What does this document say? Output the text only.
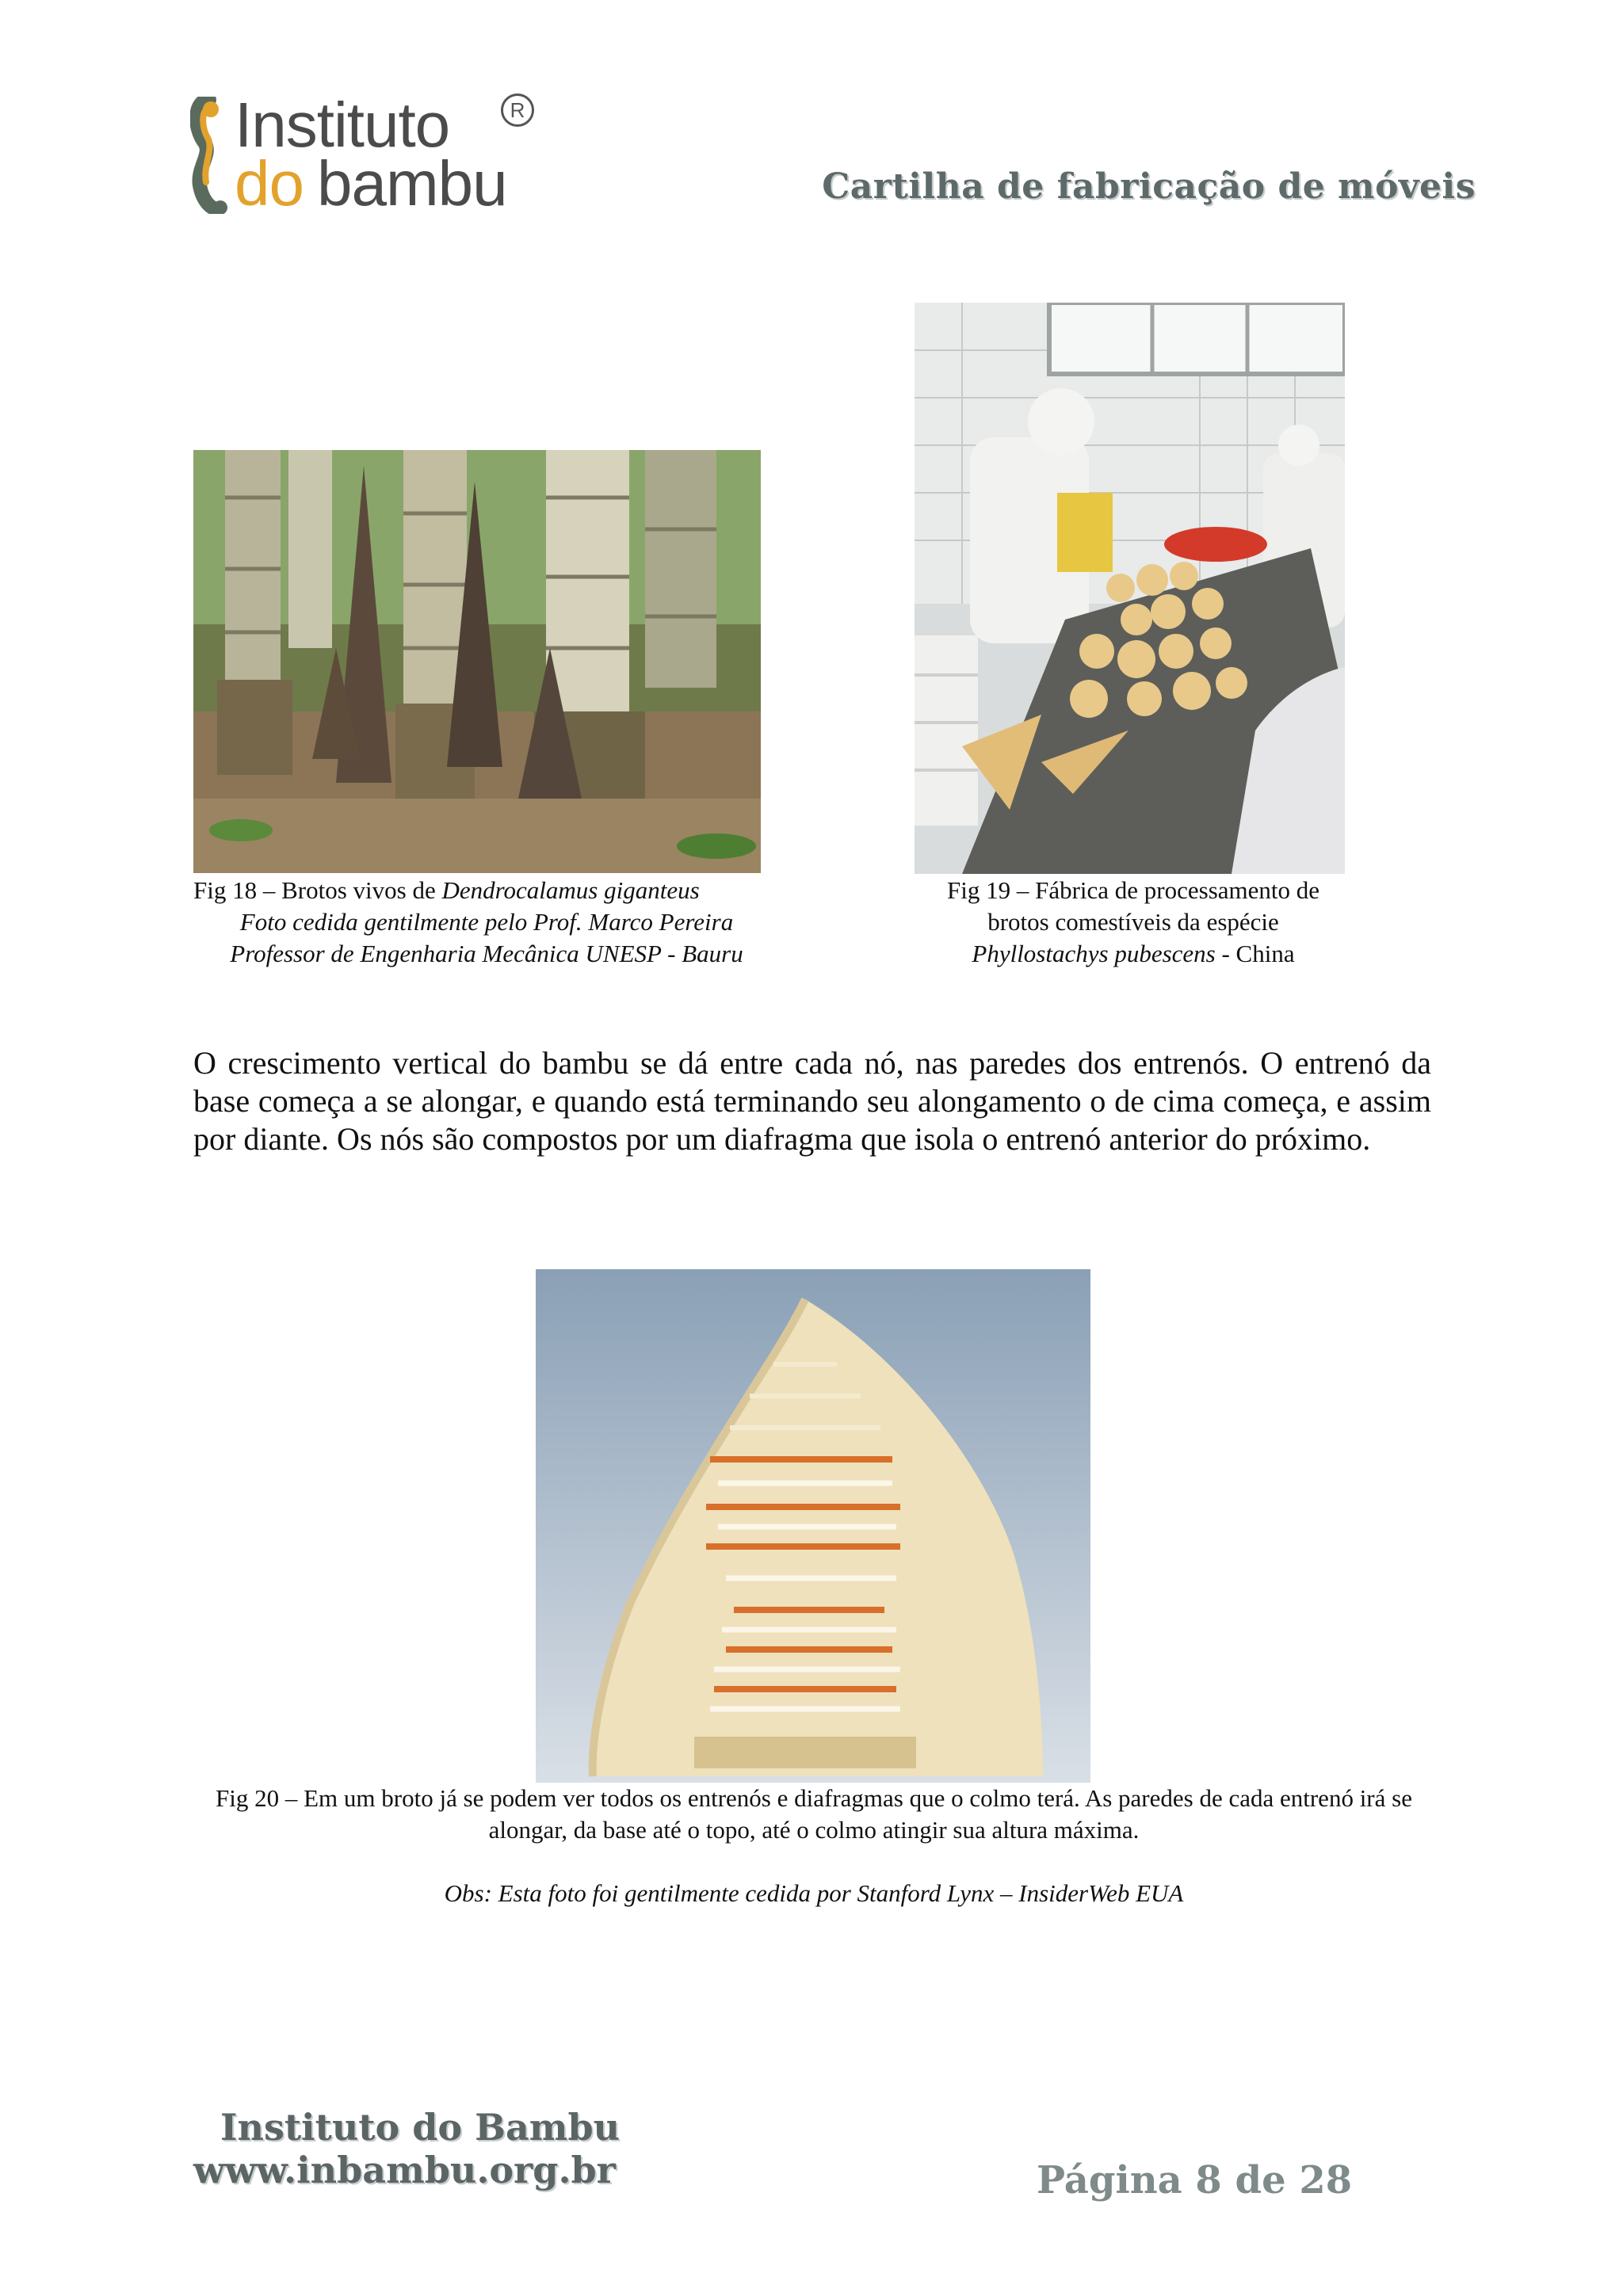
Instituto
do bambu
R
Cartilha de fabricação de móveis
Fig 18 – Brotos vivos de Dendrocalamus giganteus
Foto cedida gentilmente pelo Prof. Marco Pereira
Professor de Engenharia Mecânica UNESP - Bauru
Fig 19 – Fábrica de processamento de
brotos comestíveis da espécie
Phyllostachys pubescens - China

O crescimento vertical do bambu se dá entre cada nó, nas paredes dos entrenós. O entrenó da base começa a se alongar, e quando está terminando seu alongamento o de cima começa, e assim por diante. Os nós são compostos por um diafragma que isola o entrenó anterior do próximo.

Fig 20 – Em um broto já se podem ver todos os entrenós e diafragmas que o colmo terá. As paredes de cada entrenó irá se alongar, da base até o topo, até o colmo atingir sua altura máxima.
Obs: Esta foto foi gentilmente cedida por Stanford Lynx – InsiderWeb EUA
Instituto do Bambu
www.inbambu.org.br	Página 8 de 28
